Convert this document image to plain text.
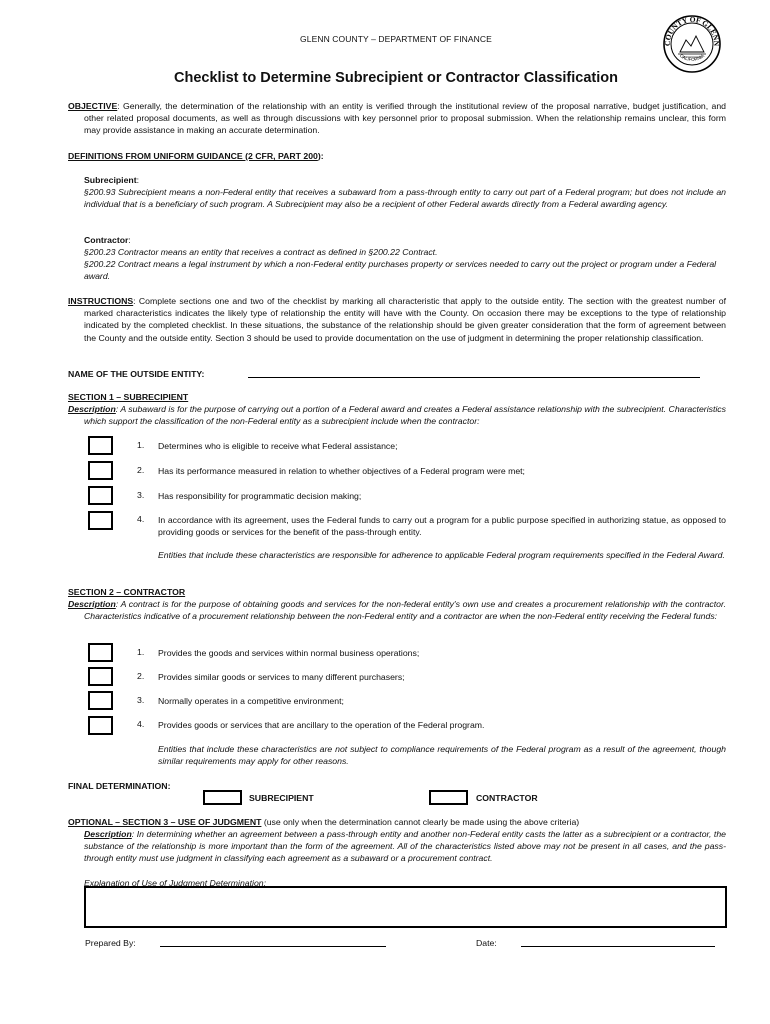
GLENN COUNTY – DEPARTMENT OF FINANCE	COUNTY OF GLENN
CALIFORNIA
Checklist to Determine Subrecipient or Contractor Classification
OBJECTIVE: Generally, the determination of the relationship with an entity is verified through the institutional review of the proposal narrative, budget justification, and other related proposal documents, as well as through discussions with key personnel prior to proposal submission. When the relationship remains unclear, this form may provide assistance in making an accurate determination.
DEFINITIONS FROM UNIFORM GUIDANCE (2 CFR, PART 200):
Subrecipient:
§200.93 Subrecipient means a non-Federal entity that receives a subaward from a pass-through entity to carry out part of a Federal program; but does not include an individual that is a beneficiary of such program. A Subrecipient may also be a recipient of other Federal awards directly from a Federal awarding agency.
Contractor:
§200.23 Contractor means an entity that receives a contract as defined in §200.22 Contract.
§200.22 Contract means a legal instrument by which a non-Federal entity purchases property or services needed to carry out the project or program under a Federal award.
INSTRUCTIONS: Complete sections one and two of the checklist by marking all characteristic that apply to the outside entity. The section with the greatest number of marked characteristics indicates the likely type of relationship the entity will have with the County. On occasion there may be exceptions to the type of relationship indicated by the completed checklist. In these situations, the substance of the relationship should be given greater consideration that the form of agreement between the County and the outside entity. Section 3 should be used to provide documentation on the use of judgment in determining the proper relationship classification.
NAME OF THE OUTSIDE ENTITY:
SECTION 1 – SUBRECIPIENT
Description: A subaward is for the purpose of carrying out a portion of a Federal award and creates a Federal assistance relationship with the subrecipient. Characteristics which support the classification of the non-Federal entity as a subrecipient include when the contractor:
1. Determines who is eligible to receive what Federal assistance;
2. Has its performance measured in relation to whether objectives of a Federal program were met;
3. Has responsibility for programmatic decision making;
4. In accordance with its agreement, uses the Federal funds to carry out a program for a public purpose specified in authorizing statue, as opposed to providing goods or services for the benefit of the pass-through entity.
Entities that include these characteristics are responsible for adherence to applicable Federal program requirements specified in the Federal Award.
SECTION 2 – CONTRACTOR
Description: A contract is for the purpose of obtaining goods and services for the non-federal entity's own use and creates a procurement relationship with the contractor. Characteristics indicative of a procurement relationship between the non-Federal entity and a contractor are when the non-Federal entity receiving the Federal funds:
1. Provides the goods and services within normal business operations;
2. Provides similar goods or services to many different purchasers;
3. Normally operates in a competitive environment;
4. Provides goods or services that are ancillary to the operation of the Federal program.
Entities that include these characteristics are not subject to compliance requirements of the Federal program as a result of the agreement, though similar requirements may apply for other reasons.
FINAL DETERMINATION:
SUBRECIPIENT	CONTRACTOR
OPTIONAL – SECTION 3 – USE OF JUDGMENT (use only when the determination cannot clearly be made using the above criteria)
Description: In determining whether an agreement between a pass-through entity and another non-Federal entity casts the latter as a subrecipient or a contractor, the substance of the relationship is more important than the form of the agreement. All of the characteristics listed above may not be present in all cases, and the pass-through entity must use judgment in classifying each agreement as a subaward or a procurement contract.
Explanation of Use of Judgment Determination:
Prepared By:	Date:
